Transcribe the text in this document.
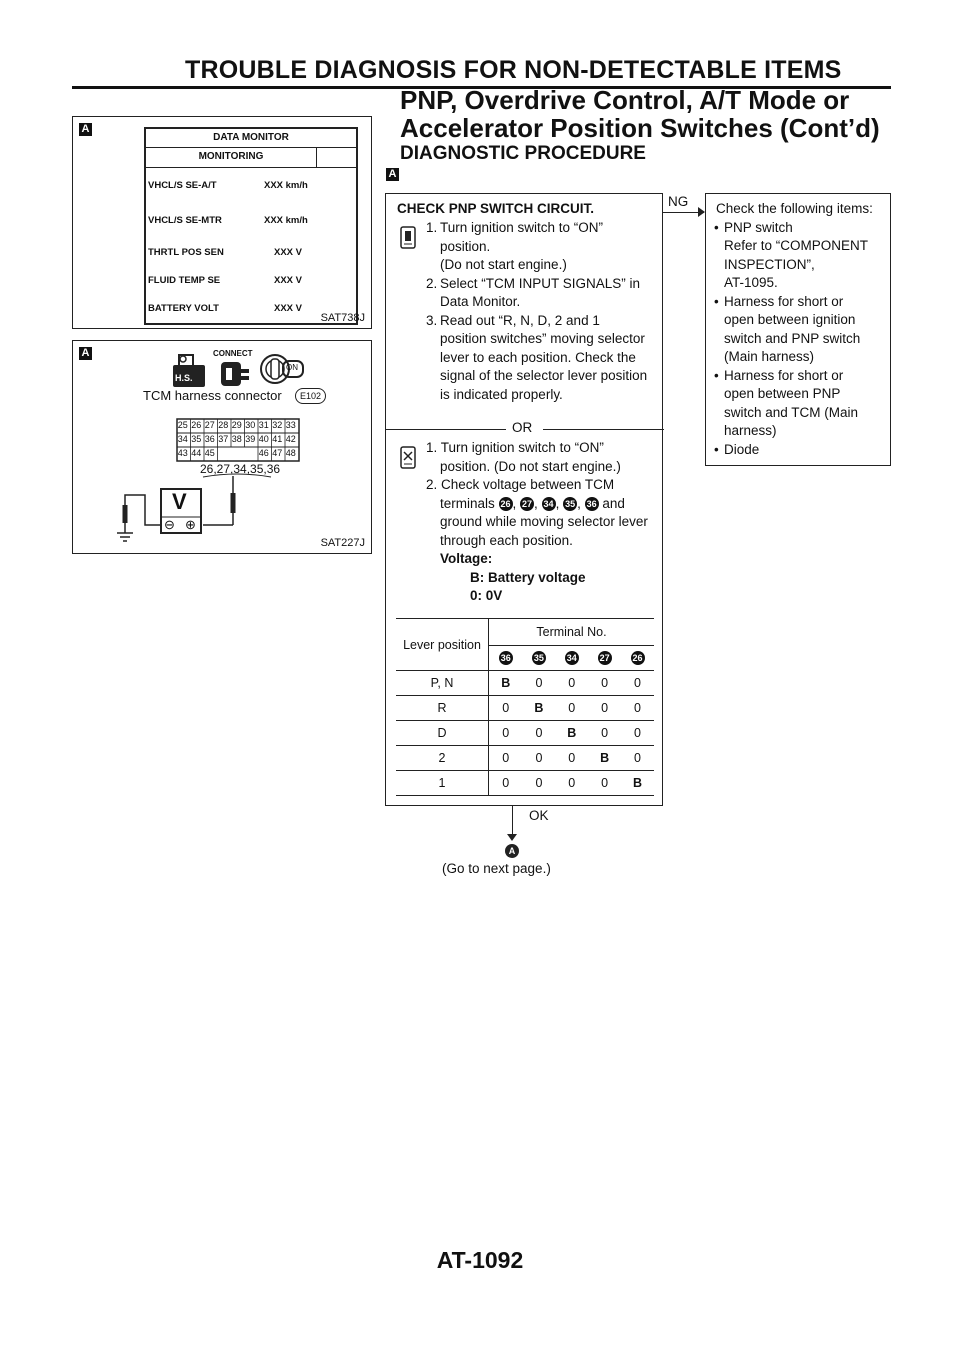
TROUBLE DIAGNOSIS FOR NON-DETECTABLE ITEMS
PNP, Overdrive Control, A/T Mode or
Accelerator Position Switches (Cont’d)
DIAGNOSTIC PROCEDURE
A
DATA MONITOR
MONITORING
VHCL/S SE-A/T	XXX km/h
VHCL/S SE-MTR	XXX km/h
THRTL POS SEN	XXX V
FLUID TEMP SE	XXX V
BATTERY VOLT	XXX V
SAT738J
A
H.S.
CONNECT
ON
TCM harness connector	E102
25 26 27 28 29 30 31 32 33
34 35 36 37 38 39 40 41 42
43 44 45	46 47 48
26,27,34,35,36
V
⊖ ⊕
SAT227J
A
CHECK PNP SWITCH CIRCUIT.
1. Turn ignition switch to “ON” position.
(Do not start engine.)
2. Select “TCM INPUT SIGNALS” in Data Monitor.
3. Read out “R, N, D, 2 and 1 position switches” moving selector lever to each position. Check the signal of the selector lever position is indicated properly.
OR
1. Turn ignition switch to “ON” position. (Do not start engine.)
2. Check voltage between TCM terminals 26 , 27 , 34 , 35 , 36 and ground while moving selector lever through each position.
Voltage:
B: Battery voltage
0: 0V
Lever position	Terminal No.				
	36	35	34	27	26
P, N	B	0	0	0	0
R	0	B	0	0	0
D	0	0	B	0	0
2	0	0	0	B	0
1	0	0	0	0	B
NG Check the following items:
• PNP switch
Refer to “COMPONENT
INSPECTION”,
AT-1095.
• Harness for short or
open between ignition
switch and PNP switch
(Main harness)
• Harness for short or
open between PNP
switch and TCM (Main
harness)
• Diode
OK
A
(Go to next page.)
AT-1092
